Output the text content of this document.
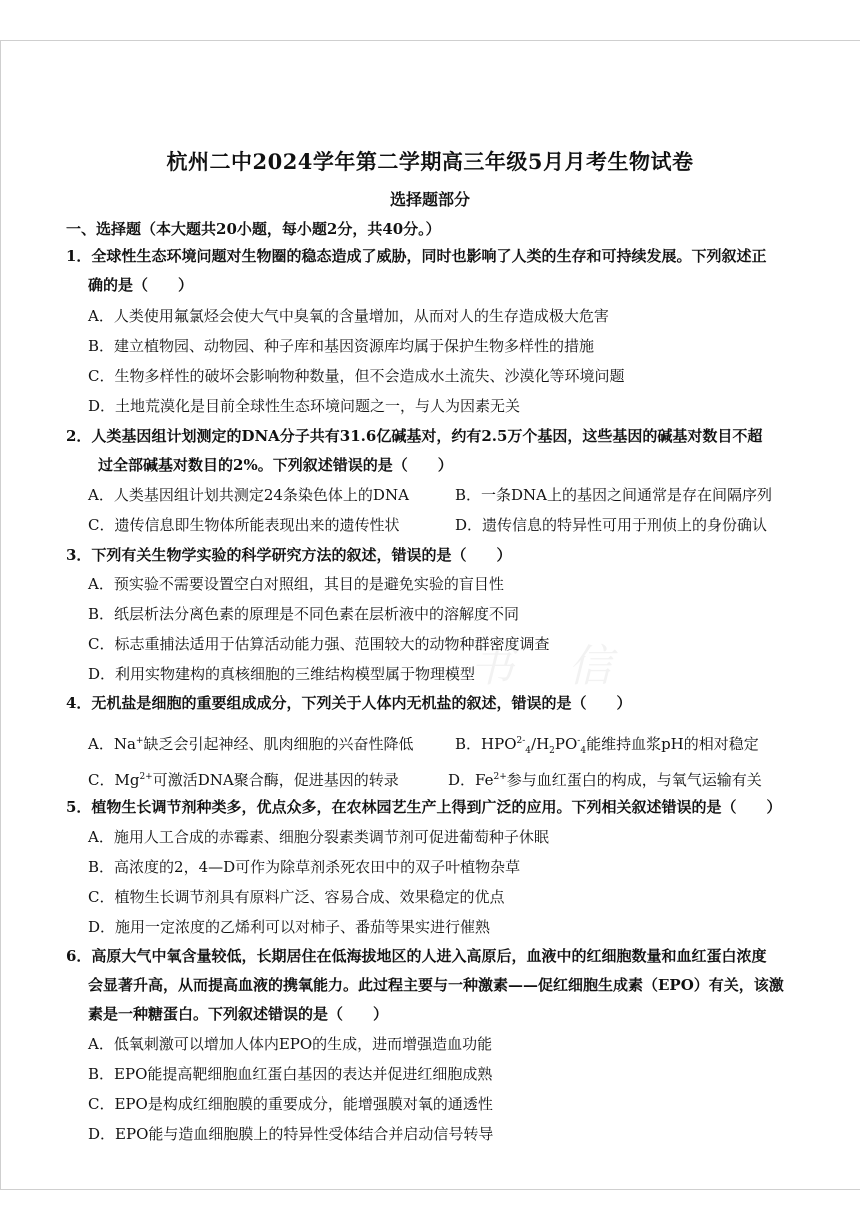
书 信
杭州二中2024学年第二学期高三年级5月月考生物试卷
选择题部分
一、选择题（本大题共20小题，每小题2分，共40分。）
1．全球性生态环境问题对生物圈的稳态造成了威胁，同时也影响了人类的生存和可持续发展。下列叙述正
确的是（　　）
A．人类使用氟氯烃会使大气中臭氧的含量增加，从而对人的生存造成极大危害
B．建立植物园、动物园、种子库和基因资源库均属于保护生物多样性的措施
C．生物多样性的破坏会影响物种数量，但不会造成水土流失、沙漠化等环境问题
D．土地荒漠化是目前全球性生态环境问题之一，与人为因素无关
2．人类基因组计划测定的DNA分子共有31.6亿碱基对，约有2.5万个基因，这些基因的碱基对数目不超
过全部碱基对数目的2%。下列叙述错误的是（　　）
A．人类基因组计划共测定24条染色体上的DNA	B．一条DNA上的基因之间通常是存在间隔序列
C．遗传信息即生物体所能表现出来的遗传性状	D．遗传信息的特异性可用于刑侦上的身份确认
3．下列有关生物学实验的科学研究方法的叙述，错误的是（　　）
A．预实验不需要设置空白对照组，其目的是避免实验的盲目性
B．纸层析法分离色素的原理是不同色素在层析液中的溶解度不同
C．标志重捕法适用于估算活动能力强、范围较大的动物种群密度调查
D．利用实物建构的真核细胞的三维结构模型属于物理模型
4．无机盐是细胞的重要组成成分，下列关于人体内无机盐的叙述，错误的是（　　）
A．Na+缺乏会引起神经、肌肉细胞的兴奋性降低	B．$HPO^{2-}_4/H_2PO^-_4$能维持血浆pH的相对稳定
C．$Mg^{2+}$可激活DNA聚合酶，促进基因的转录	D．$Fe^{2+}$参与血红蛋白的构成，与氧气运输有关
5．植物生长调节剂种类多，优点众多，在农林园艺生产上得到广泛的应用。下列相关叙述错误的是（　　）
A．施用人工合成的赤霉素、细胞分裂素类调节剂可促进葡萄种子休眠
B．高浓度的2，4—D可作为除草剂杀死农田中的双子叶植物杂草
C．植物生长调节剂具有原料广泛、容易合成、效果稳定的优点
D．施用一定浓度的乙烯利可以对柿子、番茄等果实进行催熟
6．高原大气中氧含量较低，长期居住在低海拔地区的人进入高原后，血液中的红细胞数量和血红蛋白浓度
会显著升高，从而提高血液的携氧能力。此过程主要与一种激素——促红细胞生成素（EPO）有关，该激
素是一种糖蛋白。下列叙述错误的是（　　）
A．低氧刺激可以增加人体内EPO的生成，进而增强造血功能
B．EPO能提高靶细胞血红蛋白基因的表达并促进红细胞成熟
C．EPO是构成红细胞膜的重要成分，能增强膜对氧的通透性
D．EPO能与造血细胞膜上的特异性受体结合并启动信号转导
